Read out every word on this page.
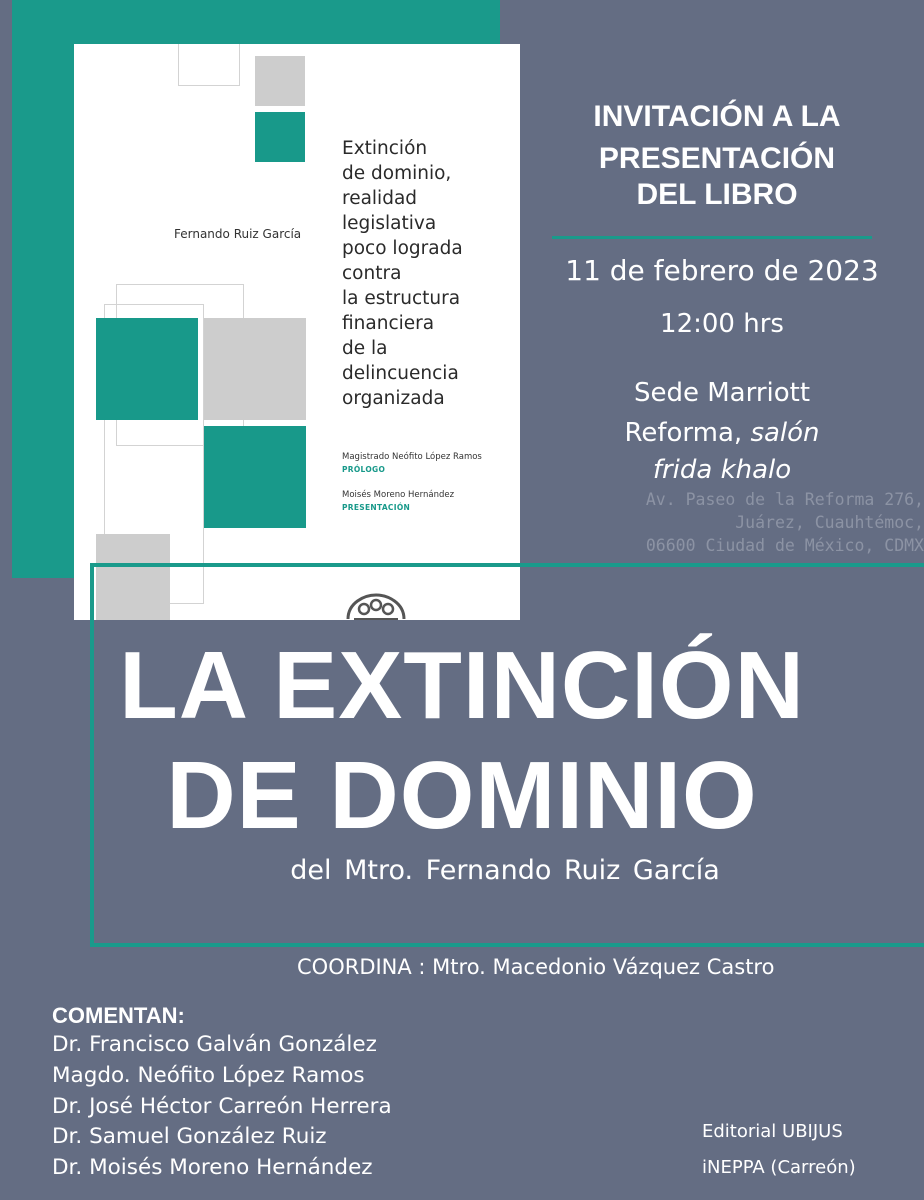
Fernando Ruiz García
Extinción
de dominio,
realidad
legislativa
poco lograda
contra
la estructura
financiera
de la
delincuencia
organizada
Magistrado Neófito López Ramos
PRÓLOGO
Moisés Moreno Hernández
PRESENTACIÓN
INVITACIÓN A LA
PRESENTACIÓN
DEL LIBRO
11 de febrero de 2023
12:00 hrs
Sede Marriott
Reforma, salón
frida khalo
Av. Paseo de la Reforma 276,
Juárez, Cuauhtémoc,
06600 Ciudad de México, CDMX
LA EXTINCIÓN
DE DOMINIO
del Mtro. Fernando Ruiz García
COORDINA : Mtro. Macedonio Vázquez Castro
COMENTAN:
Dr. Francisco Galván González
Magdo. Neófito López Ramos
Dr. José Héctor Carreón Herrera
Dr. Samuel González Ruiz
Dr. Moisés Moreno Hernández
Editorial UBIJUS
iNEPPA (Carreón)
